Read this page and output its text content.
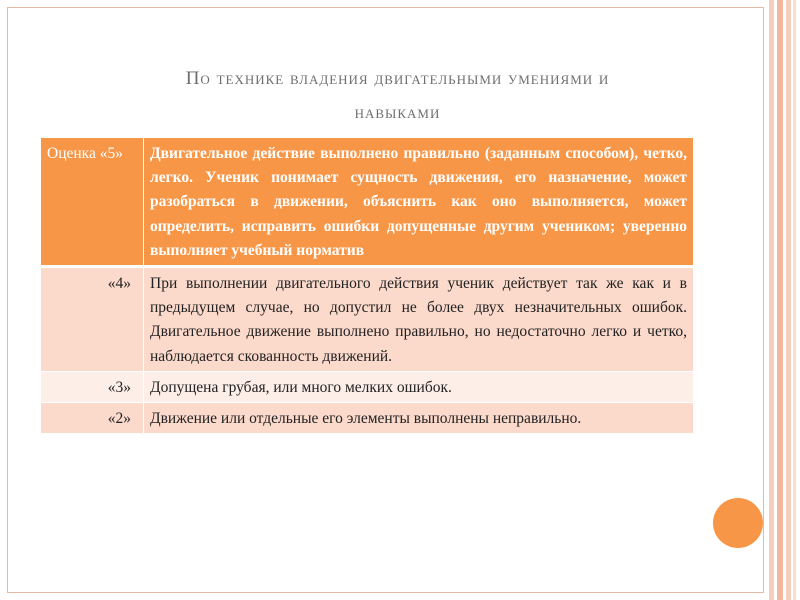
По технике владения двигательными умениями и
навыками
Оценка «5»	Двигательное действие выполнено правильно (заданным способом), четко, легко. Ученик понимает сущность движения, его назначение, может разобраться в движении, объяснить как оно выполняется, может определить, исправить ошибки допущенные другим учеником; уверенно выполняет учебный норматив
«4»	При выполнении двигательного действия ученик действует так же как и в предыдущем случае, но допустил не более двух незначительных ошибок. Двигательное движение выполнено правильно, но недостаточно легко и четко, наблюдается скованность движений.
«3»	Допущена грубая, или много мелких ошибок.
«2»	Движение или отдельные его элементы выполнены неправильно.
